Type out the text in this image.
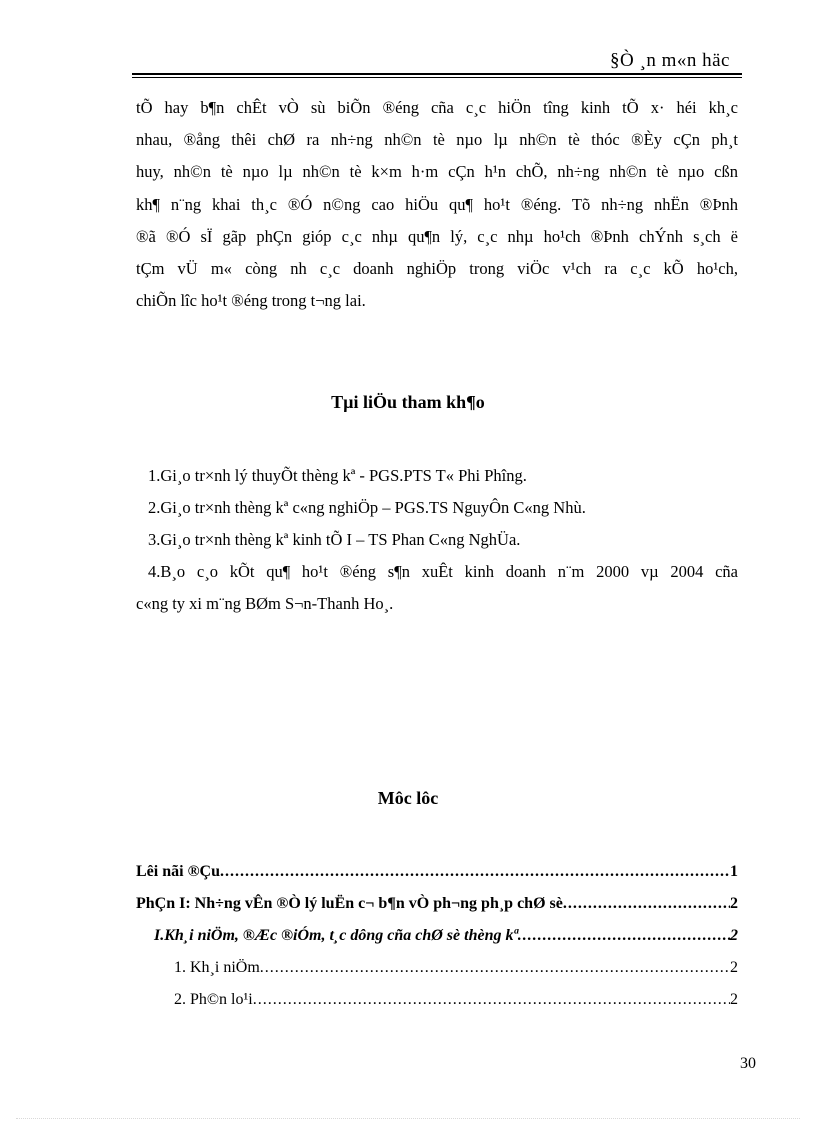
§Ò ¸n m«n häc
tÕ hay b¶n chÊt vÒ sù biÕn ®éng cña c¸c hiÖn tîng kinh tÕ x· héi kh¸c
nhau, ®ång thêi chØ ra nh÷ng nh©n tè nµo lµ nh©n tè thóc ®Èy cÇn ph¸t
huy, nh©n tè nµo lµ nh©n tè k×m h·m cÇn h¹n chÕ, nh÷ng nh©n tè nµo cßn
kh¶ n¨ng khai th¸c ®Ó n©ng cao hiÖu qu¶ ho¹t ®éng. Tõ nh÷ng nhËn ®Þnh
®ã ®Ó sÏ gãp phÇn gióp c¸c nhµ qu¶n lý, c¸c nhµ ho¹ch ®Þnh chÝnh s¸ch ë
tÇm vÜ m« còng nh c¸c doanh nghiÖp trong viÖc v¹ch ra c¸c kÕ ho¹ch,
chiÕn lîc ho¹t ®éng trong t¬ng lai.
Tµi liÖu tham kh¶o
1.Gi¸o tr×nh lý thuyÕt thèng kª - PGS.PTS T« Phi Phîng.
2.Gi¸o tr×nh thèng kª c«ng nghiÖp – PGS.TS NguyÔn C«ng Nhù.
3.Gi¸o tr×nh thèng kª kinh tÕ I – TS Phan C«ng NghÜa.
4.B¸o c¸o kÕt qu¶ ho¹t ®éng s¶n xuÊt kinh doanh n¨m 2000 vµ 2004 cña
c«ng ty xi m¨ng BØm S¬n-Thanh Ho¸.
Môc lôc
Lêi nãi ®Çu .....	1
PhÇn I: Nh÷ng vÊn ®Ò lý luËn c¬ b¶n vÒ ph¬ng ph¸p chØ sè .....	2
I.Kh¸i niÖm, ®Æc ®iÓm, t¸c dông cña chØ sè thèng kª .....	2
1. Kh¸i niÖm .....	2
2. Ph©n lo¹i .....	2
30
